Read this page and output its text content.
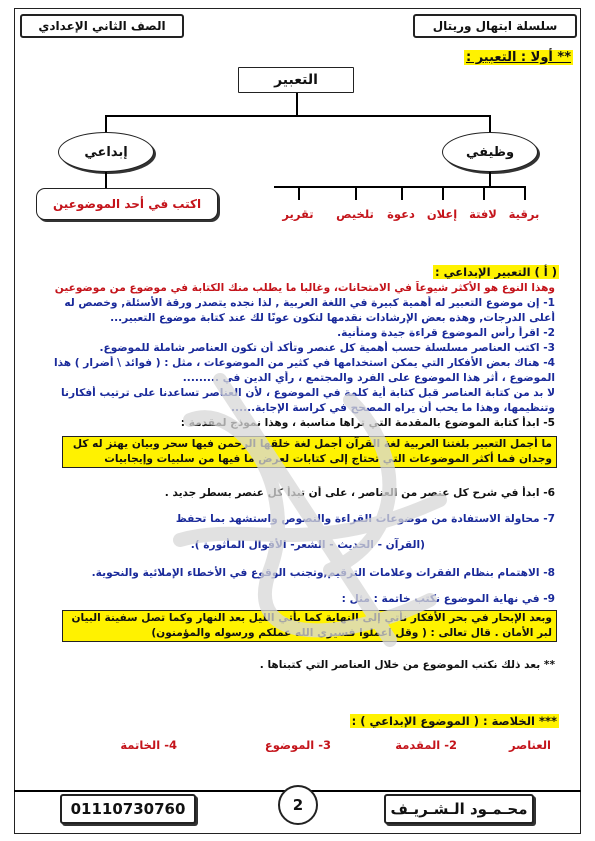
سلسلة ابتهال وريتال
الصف الثاني الإعدادي
** أولا : التعبير :
التعبير
إبداعي	وظيفي
اكتب في أحد الموضوعين
برقية
لافتة
إعلان
دعوة
تلخيص
تقرير
( أ ) التعبير الإبداعي :
وهذا النوع هو الأكثر شيوعاً في الامتحانات، وغالبا ما يطلب منك الكتابة في موضوع من موضوعين
1- إن موضوع التعبير له أهمية كبيرة في اللغة العربية , لذا نجده يتصدر ورقة الأسئلة, وخصص له
أعلى الدرجات, وهذه بعض الإرشادات نقدمها لتكون عونًا لك عند كتابة موضوع التعبير...
2- اقرأ رأس الموضوع قراءة جيدة ومتأنية.
3- اكتب العناصر مسلسلة حسب أهمية كل عنصر وتأكد أن تكون العناصر شاملة للموضوع.
4- هناك بعض الأفكار التي يمكن استخدامها في كثير من الموضوعات ، مثل : ( فوائد \ أضرار ) هذا
الموضوع ، أثر هذا الموضوع على الفرد والمجتمع ، رأي الدين في .........
لا بد من كتابة العناصر قبل كتابة أية كلمة في الموضوع ، لأن العناصر تساعدنا على ترتيب أفكارنا
وتنظيمها، وهذا ما يحب أن يراه المصحح في كراسة الإجابة......
5- ابدأ كتابة الموضوع بالمقدمة التي تراها مناسبة ، وهذا نموذج لمقدمة :
ما أجمل التعبير بلغتنا العربية لغة القرآن أجمل لغة خلقها الرحمن فيها سحر وبيان يهتز له كل
وجدان فما أكثر الموضوعات التي تحتاج إلى كتابات لعرض ما فيها من سلبيات وإيجابيات
6- ابدأ في شرح كل عنصر من العناصر ، على أن تبدأ كل عنصر بسطر جديد .
7- محاولة الاستفادة من موضوعات القراءة والنصوص واستشهد بما تحفظ
(القرآن - الحديث - الشعر- الأقوال المأثورة ).
8- الاهتمام بنظام الفقرات وعلامات الترقيم,وتجنب الوقوع في الأخطاء الإملائية والنحوية.
9- في نهاية الموضوع نكتب خاتمة : مثل :
وبعد الإبحار في بحر الأفكار نأتي إلى النهاية كما يأتي الليل بعد النهار وكما تصل سفينة البيان
لبر الأمان . قال تعالى : ( وقل اعملوا فسيرى الله عملكم ورسوله والمؤمنون)
** بعد ذلك نكتب الموضوع من خلال العناصر التي كتبناها .
*** الخلاصة : ( الموضوع الإبداعي ) :
العناصر
2- المقدمة
3- الموضوع
4- الخاتمة
01110730760	2	محـمـود الـشـريـف
